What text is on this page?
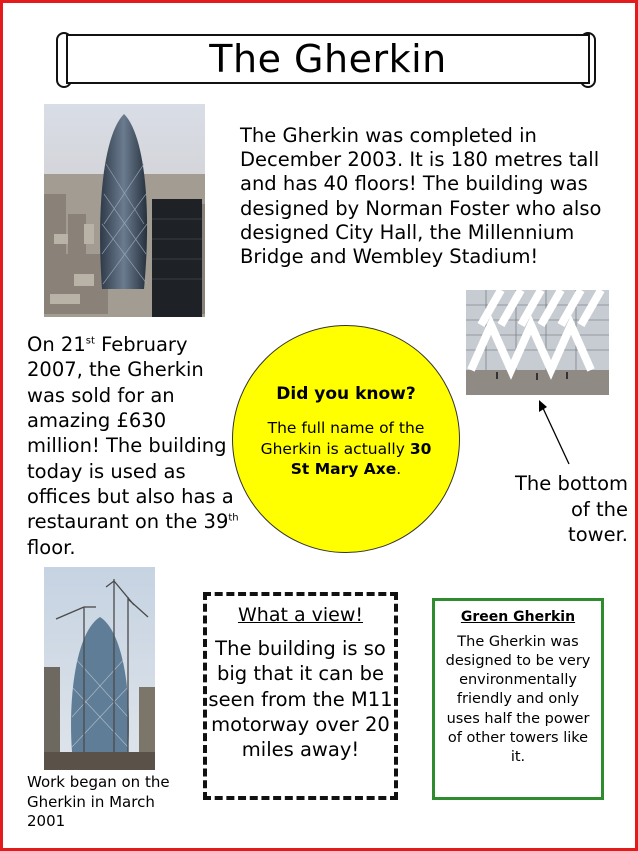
The Gherkin
The Gherkin was completed in December 2003. It is 180 metres tall and has 40 floors! The building was designed by Norman Foster who also designed City Hall, the Millennium Bridge and Wembley Stadium!
On 21st February 2007, the Gherkin was sold for an amazing £630 million! The building today is used as offices but also has a restaurant on the 39th floor.
Did you know?
The full name of the Gherkin is actually 30 St Mary Axe.
The bottom of the tower.
Work began on the Gherkin in March 2001
What a view!
The building is so big that it can be seen from the M11 motorway over 20 miles away!
Green Gherkin
The Gherkin was designed to be very environmentally friendly and only uses half the power of other towers like it.
